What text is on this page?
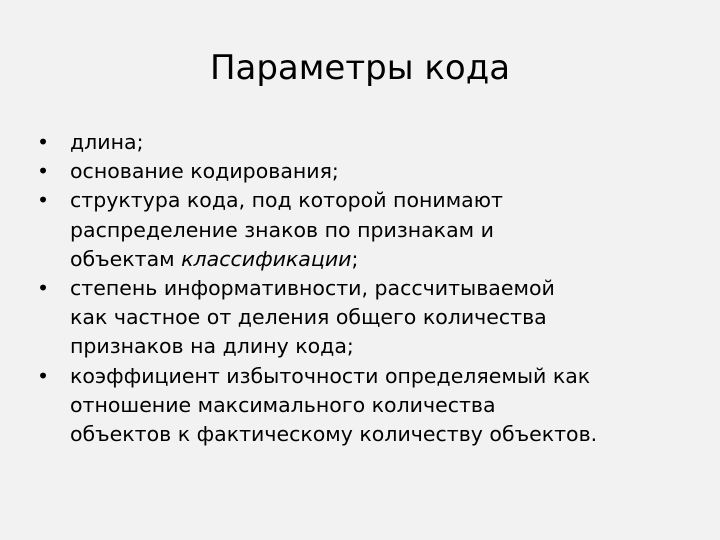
Параметры кода
• длина;
• основание кодирования;
• структура кода, под которой понимают
распределение знаков по признакам и
объектам классификации;
• степень информативности, рассчитываемой
как частное от деления общего количества
признаков на длину кода;
• коэффициент избыточности определяемый как
отношение максимального количества
объектов к фактическому количеству объектов.
